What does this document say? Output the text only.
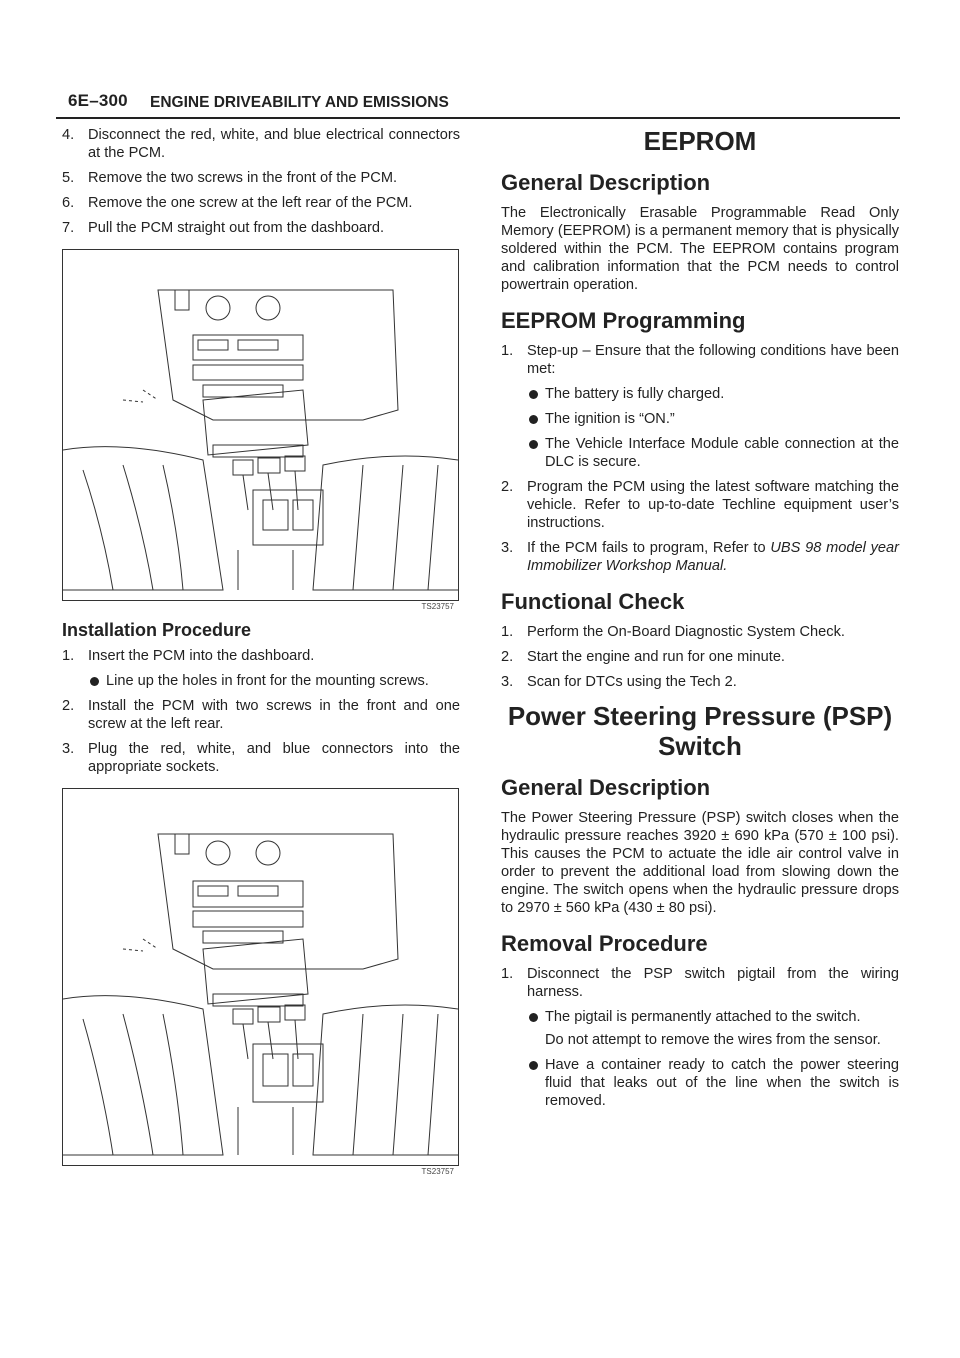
6E–300 ENGINE DRIVEABILITY AND EMISSIONS
4. Disconnect the red, white, and blue electrical connectors at the PCM.
5. Remove the two screws in the front of the PCM.
6. Remove the one screw at the left rear of the PCM.
7. Pull the PCM straight out from the dashboard.
TS23757
Installation Procedure
1. Insert the PCM into the dashboard.
Line up the holes in front for the mounting screws.
2. Install the PCM with two screws in the front and one screw at the left rear.
3. Plug the red, white, and blue connectors into the appropriate sockets.
TS23757
EEPROM
General Description
The Electronically Erasable Programmable Read Only Memory (EEPROM) is a permanent memory that is physically soldered within the PCM. The EEPROM contains program and calibration information that the PCM needs to control powertrain operation.
EEPROM Programming
1. Step-up – Ensure that the following conditions have been met:
The battery is fully charged.
The ignition is “ON.”
The Vehicle Interface Module cable connection at the DLC is secure.
2. Program the PCM using the latest software matching the vehicle. Refer to up-to-date Techline equipment user’s instructions.
3. If the PCM fails to program, Refer to UBS 98 model year Immobilizer Workshop Manual.
Functional Check
1. Perform the On-Board Diagnostic System Check.
2. Start the engine and run for one minute.
3. Scan for DTCs using the Tech 2.
Power Steering Pressure (PSP) Switch
General Description
The Power Steering Pressure (PSP) switch closes when the hydraulic pressure reaches 3920 ± 690 kPa (570 ± 100 psi). This causes the PCM to actuate the idle air control valve in order to prevent the additional load from slowing down the engine. The switch opens when the hydraulic pressure drops to 2970 ± 560 kPa (430 ± 80 psi).
Removal Procedure
1. Disconnect the PSP switch pigtail from the wiring harness.
The pigtail is permanently attached to the switch.
Do not attempt to remove the wires from the sensor.
Have a container ready to catch the power steering fluid that leaks out of the line when the switch is removed.
